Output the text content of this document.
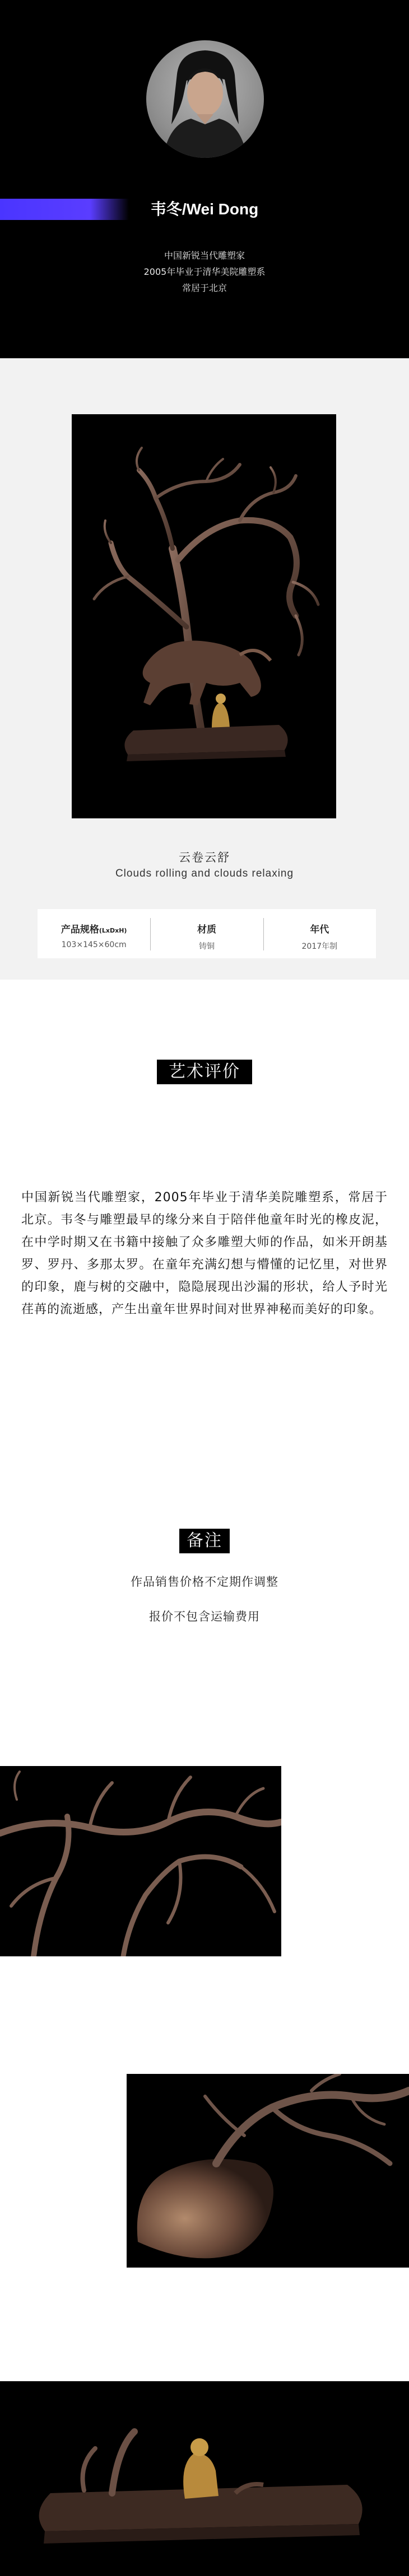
韦冬/Wei Dong
中国新锐当代雕塑家
2005年毕业于清华美院雕塑系
常居于北京
云卷云舒
Clouds rolling and clouds relaxing
产品规格(LxDxH)
103×145×60cm
材质
铸铜
年代
2017年制
艺术评价
中国新锐当代雕塑家，2005年毕业于清华美院雕塑系，常居于北京。韦冬与雕塑最早的缘分来自于陪伴他童年时光的橡皮泥，在中学时期又在书籍中接触了众多雕塑大师的作品，如米开朗基罗、罗丹、多那太罗。在童年充满幻想与懵懂的记忆里，对世界的印象，鹿与树的交融中，隐隐展现出沙漏的形状，给人予时光荏苒的流逝感，产生出童年世界时间对世界神秘而美好的印象。
备注
作品销售价格不定期作调整
报价不包含运输费用
